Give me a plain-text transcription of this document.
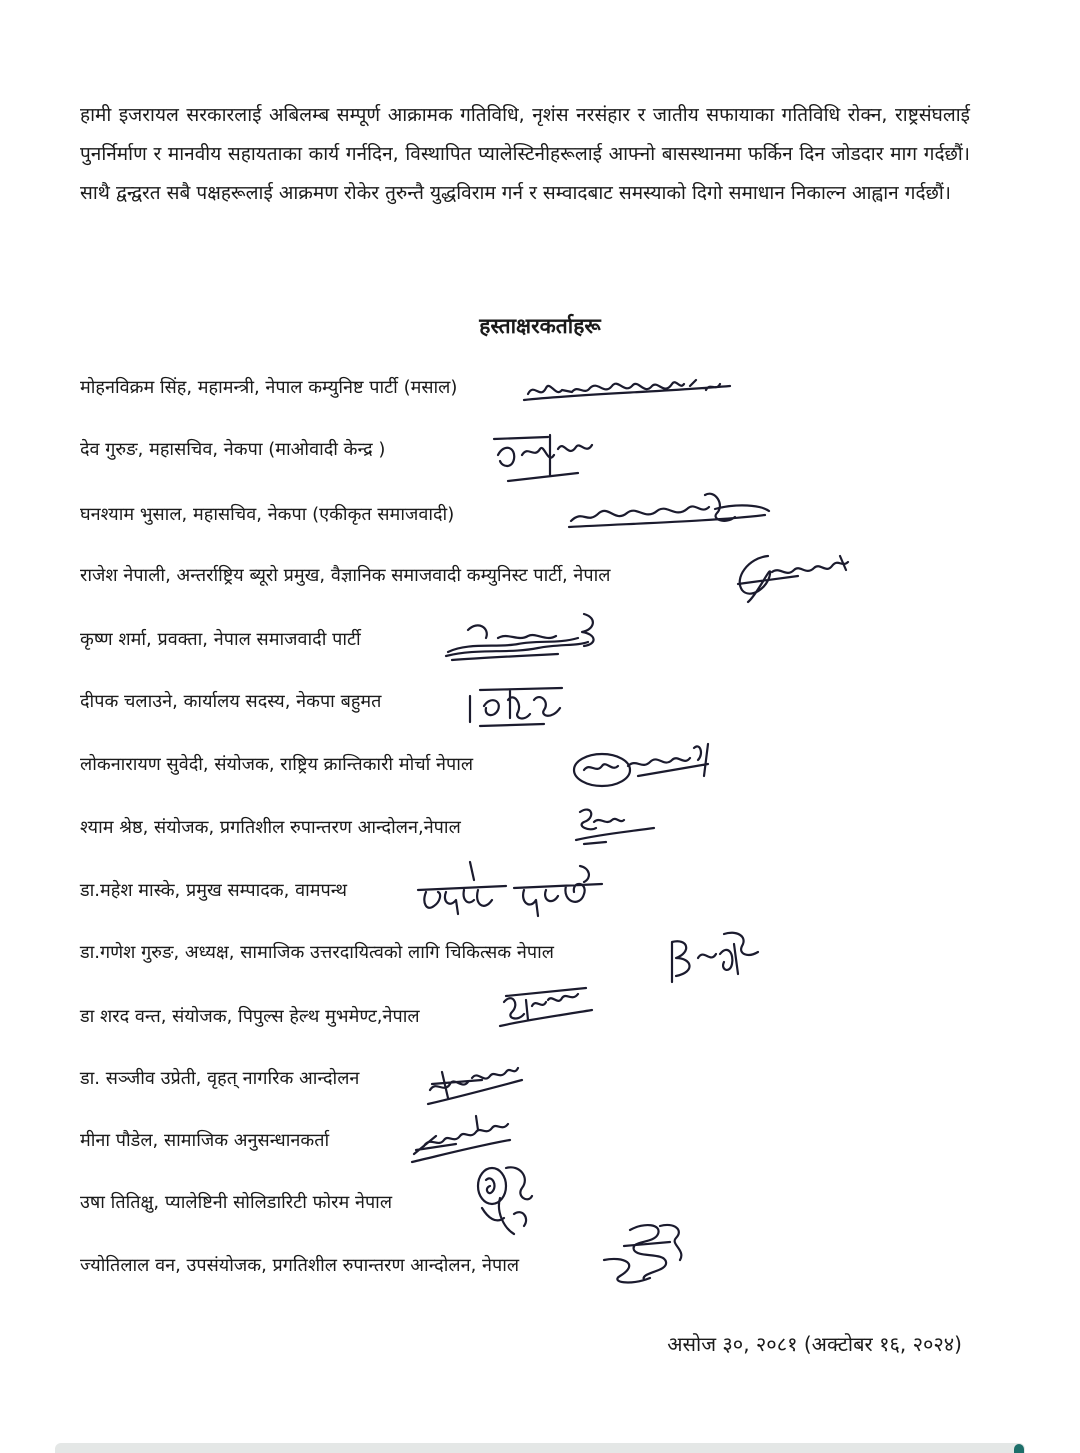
हामी इजरायल सरकारलाई अबिलम्ब सम्पूर्ण आक्रामक गतिविधि, नृशंस नरसंहार र जातीय सफायाका गतिविधि रोक्न, राष्ट्रसंघलाई पुनर्निर्माण र मानवीय सहायताका कार्य गर्नदिन, विस्थापित प्यालेस्टिनीहरूलाई आफ्नो बासस्थानमा फर्किन दिन जोडदार माग गर्दछौं। साथै द्वन्द्वरत सबै पक्षहरूलाई आक्रमण रोकेर तुरुन्तै युद्धविराम गर्न र सम्वादबाट समस्याको दिगो समाधान निकाल्न आह्वान गर्दछौं।

हस्ताक्षरकर्ताहरू

मोहनविक्रम सिंह, महामन्त्री, नेपाल कम्युनिष्ट पार्टी (मसाल)

देव गुरुङ, महासचिव, नेकपा (माओवादी केन्द्र )

घनश्याम भुसाल, महासचिव, नेकपा (एकीकृत समाजवादी)

राजेश नेपाली, अन्तर्राष्ट्रिय ब्यूरो प्रमुख, वैज्ञानिक समाजवादी कम्युनिस्ट पार्टी, नेपाल

कृष्ण शर्मा, प्रवक्ता, नेपाल समाजवादी पार्टी

दीपक चलाउने, कार्यालय सदस्य, नेकपा बहुमत

लोकनारायण सुवेदी, संयोजक, राष्ट्रिय क्रान्तिकारी मोर्चा नेपाल

श्याम श्रेष्ठ, संयोजक, प्रगतिशील रुपान्तरण आन्दोलन,नेपाल

डा.महेश मास्के, प्रमुख सम्पादक, वामपन्थ

डा.गणेश गुरुङ, अध्यक्ष, सामाजिक उत्तरदायित्वको लागि चिकित्सक नेपाल

डा शरद वन्त, संयोजक, पिपुल्स हेल्थ मुभमेण्ट,नेपाल

डा. सञ्जीव उप्रेती, वृहत् नागरिक आन्दोलन

मीना पौडेल, सामाजिक अनुसन्धानकर्ता

उषा तितिक्षु, प्यालेष्टिनी सोलिडारिटी फोरम नेपाल

ज्योतिलाल वन, उपसंयोजक, प्रगतिशील रुपान्तरण आन्दोलन, नेपाल

असोज ३०, २०८१ (अक्टोबर १६, २०२४)
